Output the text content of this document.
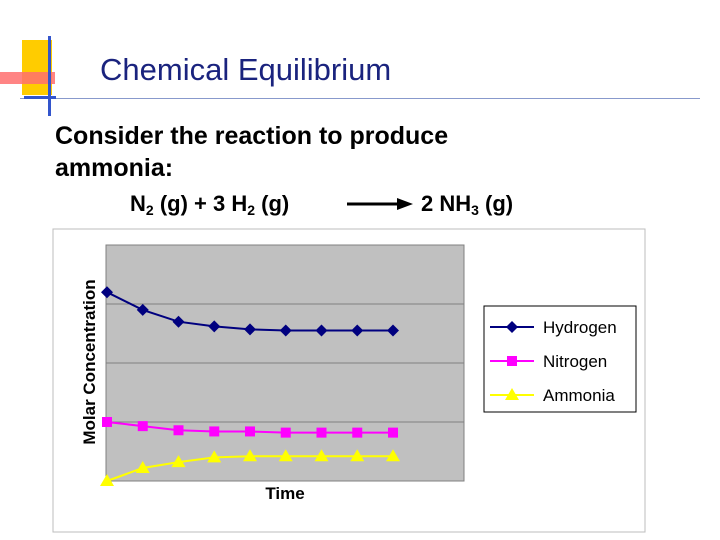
Chemical Equilibrium
Consider the reaction to produce
ammonia:
$N_2$ (g) + 3 $H_2$ (g)	→ 2 $NH_3$ (g)
Time
Molar Concentration	Hydrogen
Nitrogen
Ammonia
